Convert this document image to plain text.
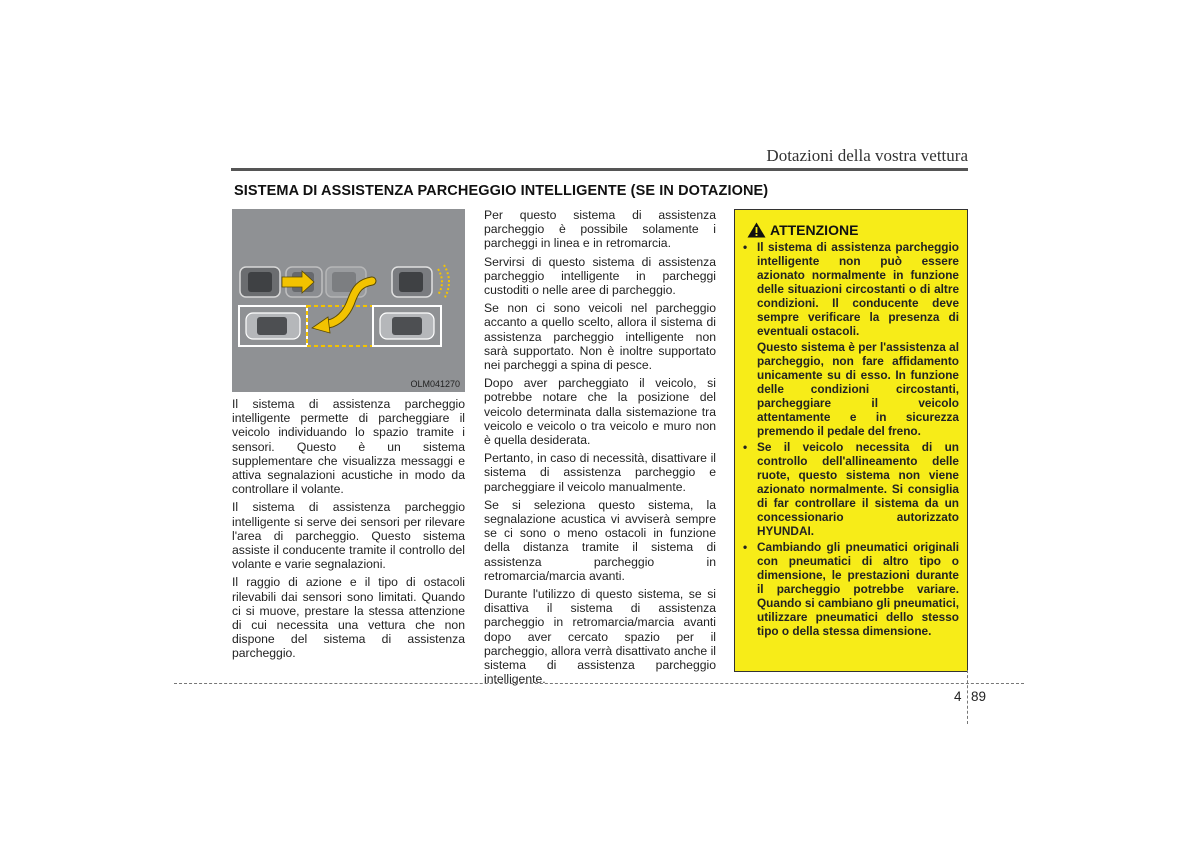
Dotazioni della vostra vettura
SISTEMA DI ASSISTENZA PARCHEGGIO INTELLIGENTE (SE IN DOTAZIONE)
OLM041270

Il sistema di assistenza parcheggio intelligente permette di parcheggiare il veicolo individuando lo spazio tramite i sensori. Questo è un sistema supplementare che visualizza messaggi e attiva segnalazioni acustiche in modo da controllare il volante.

Il sistema di assistenza parcheggio intelligente si serve dei sensori per rilevare l'area di parcheggio. Questo sistema assiste il conducente tramite il controllo del volante e varie segnalazioni.

Il raggio di azione e il tipo di ostacoli rilevabili dai sensori sono limitati. Quando ci si muove, prestare la stessa attenzione di cui necessita una vettura che non dispone del sistema di assistenza parcheggio.

Per questo sistema di assistenza parcheggio è possibile solamente i parcheggi in linea e in retromarcia.

Servirsi di questo sistema di assistenza parcheggio intelligente in parcheggi custoditi o nelle aree di parcheggio.

Se non ci sono veicoli nel parcheggio accanto a quello scelto, allora il sistema di assistenza parcheggio intelligente non sarà supportato. Non è inoltre supportato nei parcheggi a spina di pesce.

Dopo aver parcheggiato il veicolo, si potrebbe notare che la posizione del veicolo determinata dalla sistemazione tra veicolo e veicolo o tra veicolo e muro non è quella desiderata.

Pertanto, in caso di necessità, disattivare il sistema di assistenza parcheggio e parcheggiare il veicolo manualmente.

Se si seleziona questo sistema, la segnalazione acustica vi avviserà sempre se ci sono o meno ostacoli in funzione della distanza tramite il sistema di assistenza parcheggio in retromarcia/marcia avanti.

Durante l'utilizzo di questo sistema, se si disattiva il sistema di assistenza parcheggio in retromarcia/marcia avanti dopo aver cercato spazio per il parcheggio, allora verrà disattivato anche il sistema di assistenza parcheggio intelligente.

ATTENZIONE
• Il sistema di assistenza parcheggio intelligente non può essere azionato normalmente in funzione delle situazioni circostanti o di altre condizioni. Il conducente deve sempre verificare la presenza di eventuali ostacoli.

Questo sistema è per l'assistenza al parcheggio, non fare affidamento unicamente su di esso. In funzione delle condizioni circostanti, parcheggiare il veicolo attentamente e in sicurezza premendo il pedale del freno.

• Se il veicolo necessita di un controllo dell'allineamento delle ruote, questo sistema non viene azionato normalmente. Si consiglia di far controllare il sistema da un concessionario autorizzato HYUNDAI.

• Cambiando gli pneumatici originali con pneumatici di altro tipo o dimensione, le prestazioni durante il parcheggio potrebbe variare. Quando si cambiano gli pneumatici, utilizzare pneumatici dello stesso tipo o della stessa dimensione.

4 89
